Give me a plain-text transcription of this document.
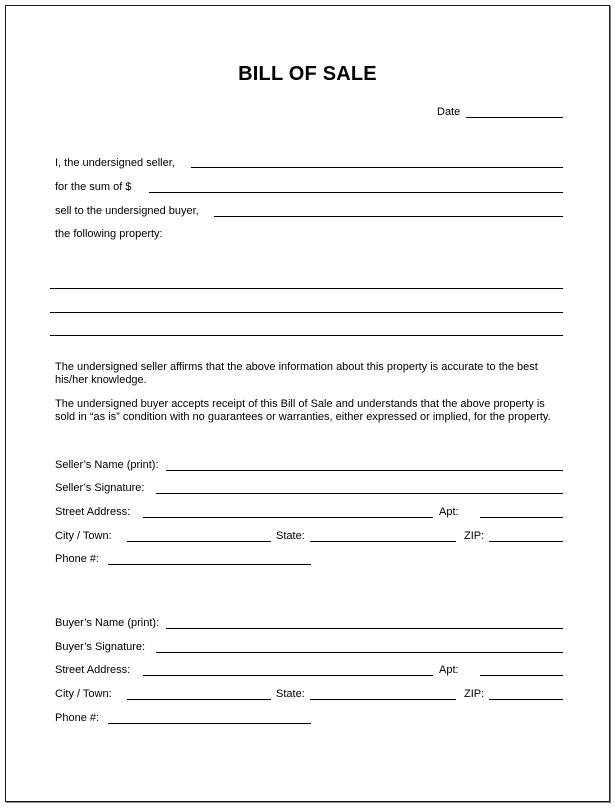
BILL OF SALE
Date
I, the undersigned seller,
for the sum of $
sell to the undersigned buyer,
the following property:
The undersigned seller affirms that the above information about this property is accurate to the best his/her knowledge.
The undersigned buyer accepts receipt of this Bill of Sale and understands that the above property is sold in “as is” condition with no guarantees or warranties, either expressed or implied, for the property.
Seller’s Name (print):
Seller’s Signature:
Street Address:	Apt:
City / Town:	State:	ZIP:
Phone #:
Buyer’s Name (print):
Buyer’s Signature:
Street Address:	Apt:
City / Town:	State:	ZIP:
Phone #:
